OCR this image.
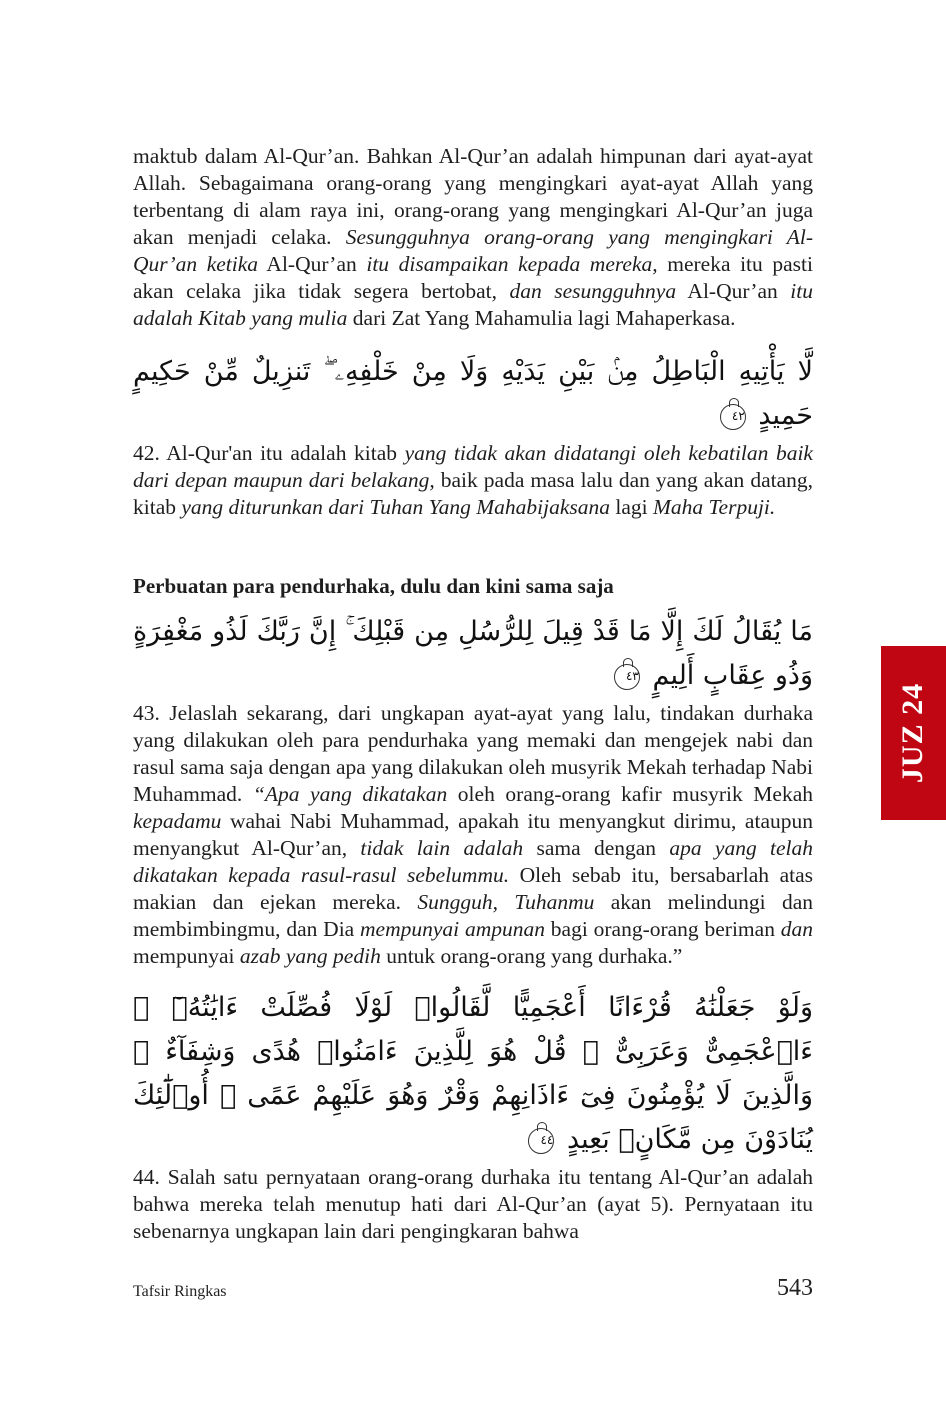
maktub dalam Al-Qur’an. Bahkan Al-Qur’an adalah himpunan dari ayat-ayat Allah. Sebagaimana orang-orang yang mengingkari ayat-ayat Allah yang terbentang di alam raya ini, orang-orang yang mengingkari Al-Qur’an juga akan menjadi celaka. Sesungguhnya orang-orang yang mengingkari Al-Qur’an ketika Al-Qur’an itu disampaikan kepada mereka, mereka itu pasti akan celaka jika tidak segera bertobat, dan sesungguhnya Al-Qur’an itu adalah Kitab yang mulia dari Zat Yang Mahamulia lagi Mahaperkasa.

لَّا يَأْتِيهِ الْبَاطِلُ مِنۢ بَيْنِ يَدَيْهِ وَلَا مِنْ خَلْفِهِۦ ۖ تَنزِيلٌ مِّنْ حَكِيمٍ حَمِيدٍ ٤٢

42. Al-Qur'an itu adalah kitab yang tidak akan didatangi oleh kebatilan baik dari depan maupun dari belakang, baik pada masa lalu dan yang akan datang, kitab yang diturunkan dari Tuhan Yang Mahabijaksana lagi Maha Terpuji.

Perbuatan para pendurhaka, dulu dan kini sama saja

مَا يُقَالُ لَكَ إِلَّا مَا قَدْ قِيلَ لِلرُّسُلِ مِن قَبْلِكَ ۚ إِنَّ رَبَّكَ لَذُو مَغْفِرَةٍ وَذُو عِقَابٍ أَلِيمٍ ٤٣

43. Jelaslah sekarang, dari ungkapan ayat-ayat yang lalu, tindakan durhaka yang dilakukan oleh para pendurhaka yang memaki dan mengejek nabi dan rasul sama saja dengan apa yang dilakukan oleh musyrik Mekah terhadap Nabi Muhammad. “Apa yang dikatakan oleh orang-orang kafir musyrik Mekah kepadamu wahai Nabi Muhammad, apakah itu menyangkut dirimu, ataupun menyangkut Al-Qur’an, tidak lain adalah sama dengan apa yang telah dikatakan kepada rasul-rasul sebelummu. Oleh sebab itu, bersabarlah atas makian dan ejekan mereka. Sungguh, Tuhanmu akan melindungi dan membimbingmu, dan Dia mempunyai ampunan bagi orang-orang beriman dan mempunyai azab yang pedih untuk orang-orang yang durhaka.”

وَلَوْ جَعَلْنَٰهُ قُرْءَانًا أَعْجَمِيًّا لَّقَالُوا۟ لَوْلَا فُصِّلَتْ ءَايَٰتُهُۥٓ ۖ ءَا۬عْجَمِىٌّ وَعَرَبِىٌّ ۗ قُلْ هُوَ لِلَّذِينَ ءَامَنُوا۟ هُدًى وَشِفَآءٌ ۖ وَالَّذِينَ لَا يُؤْمِنُونَ فِىٓ ءَاذَانِهِمْ وَقْرٌ وَهُوَ عَلَيْهِمْ عَمًى ۚ أُو۟لَٰٓئِكَ يُنَادَوْنَ مِن مَّكَانٍۭ بَعِيدٍ ٤٤

44. Salah satu pernyataan orang-orang durhaka itu tentang Al-Qur’an adalah bahwa mereka telah menutup hati dari Al-Qur’an (ayat 5). Pernyataan itu sebenarnya ungkapan lain dari pengingkaran bahwa

JUZ 24
Tafsir Ringkas	543
